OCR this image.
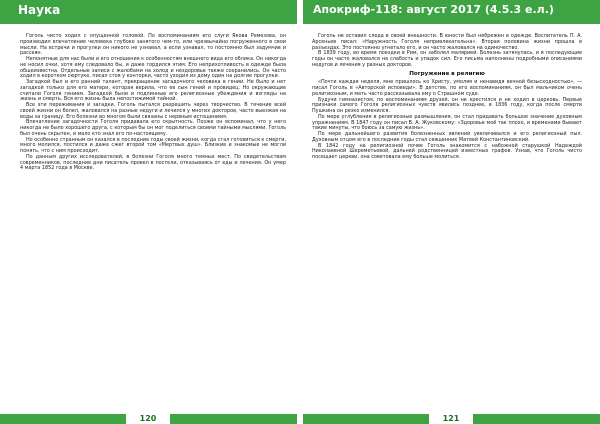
Наука	Апокриф-118: август 2017 (4.5.3 е.л.)

Гоголь чисто ходил с опущенной головой. По воспоминаниям его слуги Якова Ремезова, он производил впечатление человека глубоко занятого чем-то, или чрезвычайно погруженного в свои мысли. На встречи и прогулки он никого не узнавал, а если узнавал, то постоянно был задумчив и рассеян.

Непонятные для нас были и его отношения к особенностям внешнего вида его облика. Он никогда не носил очки, хотя ему следовало бы, и даже гордился этим. Его неприхотливость в одежде была общеизвестна. Отдельные записи с жалобами на холод и нездоровье также сохранились. Он часто ходил в коротком сюртуке, писал стоя у конторки, часто уходил из дому один на долгие прогулки.

Загадкой был и его ранний талант, прекращение загадочного человека в гении. Не было и нет загадкой только для его матери, которая верила, что ее сын гений и провидец. Но окружающие считали Гоголя гением. Загадкой были и подлинные его религиозные убеждения и взгляды на жизнь и смерть. Вся его жизнь была непостижимой тайной.

Все эти переживания и загадки, Гоголь пытался разрешить через творчество. В течение всей своей жизни он болел, жаловался на разные недуги и лечился у многих докторов, часто выезжая на воды за границу. Его болезни во многом были связаны с нервным истощением.

Впечатление загадочности Гоголя придавала его скрытность. Позже он вспоминал, что у него никогда не было хорошего друга, с которым бы он мог поделиться своими тайными мыслями. Гоголь был очень скрытен, и мало кто знал его по-настоящему.

Но особенно странным он казался в последние годы своей жизни, когда стал готовиться к смерти, много молился, постился и даже сжег второй том «Мертвых душ». Близкие и знакомые не могли понять, что с ним происходит.

По данным других исследователей, в болезни Гоголя много темных мест. По свидетельствам современников, последние дни писатель провел в постели, отказываясь от еды и лечения. Он умер 4 марта 1852 года в Москве.

Гоголь не оставил следа в своей внешности. В юности был небрежен в одежде. Воспитатель П. А. Арсеньев писал: «Наружность Гоголя непривлекательна». Вторая половина жизни прошла в разъездах. Это постоянно угнетало его, и он часто жаловался на одиночество.

В 1839 году, во время поездки в Рим, он заболел малярией. Болезнь затянулась, и в последующие годы он часто жаловался на слабость и упадок сил. Его письма наполнены подробными описаниями недугов и лечения у разных докторов.

Погружение в религию

«Почти каждая неделя, мне пришлось ко Христу, умоляя и ненавидя вечной безысходностью», — писал Гоголь в «Авторской исповеди». В детстве, по его воспоминаниям, он был мальчиком очень религиозным, и мать часто рассказывала ему о Страшном суде.

Будучи гимназистом, по воспоминаниям друзей, он не крестился и не ходил в церковь. Первые признаки самого Гоголя религиозных чувств явились позднее, в 1836 году, когда после смерти Пушкина он резко изменился.

По мере углубления в религиозные размышления, он стал придавать большое значение духовным упражнениям. В 1847 году он писал В. А. Жуковскому: «Здоровье моё так плохо, и временами бывают такие минуты, что боюсь за самую жизнь».

По мере дальнейшего развития болезненных явлений увеличивался и его религиозный пыл. Духовным отцом его в последние годы стал священник Матвей Константиновский.

В 1842 году на религиозной почве Гоголь знакомится с набожной старушкой Надеждой Николаевной Шереметьевой, дальней родственницей известных графов. Узнав, что Гоголь чисто посещает церкви, она советовала ему больше молиться.

120	121
